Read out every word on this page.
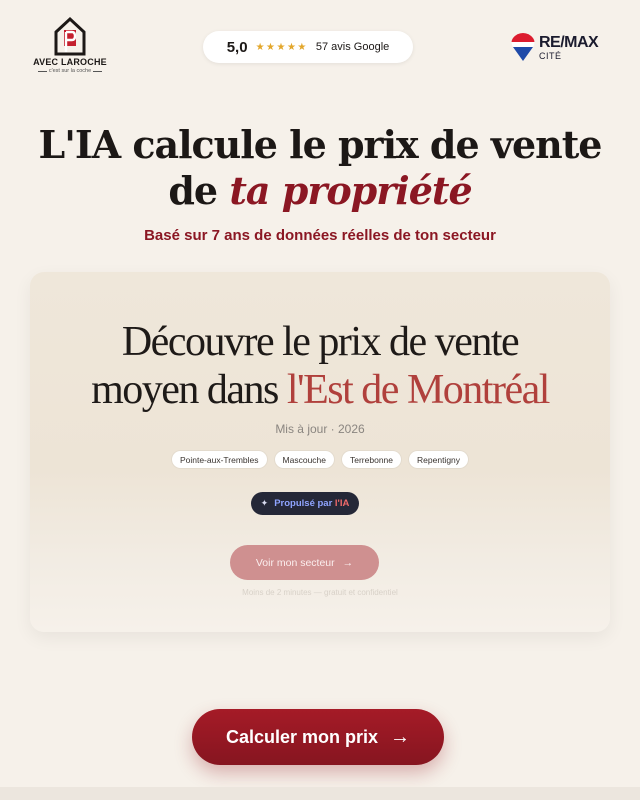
AVEC LAROCHE
c'est sur la coche
5,0 ★★★★★ 57 avis Google	RE/MAX
CITÉ
L'IA calcule le prix de vente
de ta propriété

Basé sur 7 ans de données réelles de ton secteur

Découvre le prix de vente
moyen dans l'Est de Montréal

Mis à jour · 2026

Pointe-aux-Trembles	Mascouche	Terrebonne	Repentigny
✦ Propulsé par l'IA
Voir mon secteur →

Moins de 2 minutes — gratuit et confidentiel

Calculer mon prix →
